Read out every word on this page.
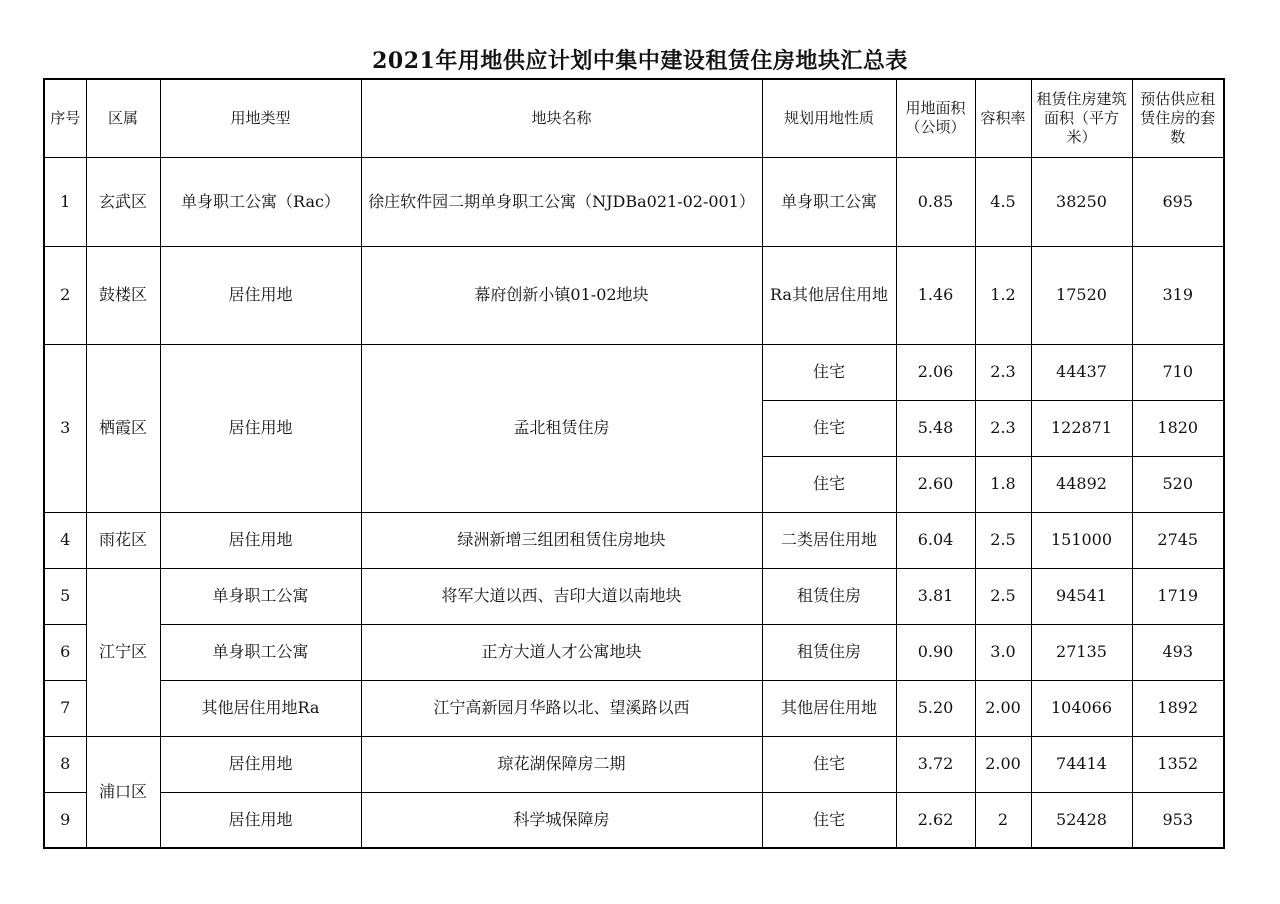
2021年用地供应计划中集中建设租赁住房地块汇总表
序号	区属	用地类型	地块名称	规划用地性质	用地面积（公顷）	容积率	租赁住房建筑面积（平方米）	预估供应租赁住房的套数
1	玄武区	单身职工公寓（Rac）	徐庄软件园二期单身职工公寓（NJDBa021-02-001）	单身职工公寓	0.85	4.5	38250	695
2	鼓楼区	居住用地	幕府创新小镇01-02地块	Ra其他居住用地	1.46	1.2	17520	319
3	栖霞区	居住用地	孟北租赁住房	住宅	2.06	2.3	44437	710
				住宅	5.48	2.3	122871	1820
				住宅	2.60	1.8	44892	520
4	雨花区	居住用地	绿洲新增三组团租赁住房地块	二类居住用地	6.04	2.5	151000	2745
5	江宁区	单身职工公寓	将军大道以西、吉印大道以南地块	租赁住房	3.81	2.5	94541	1719
6		单身职工公寓	正方大道人才公寓地块	租赁住房	0.90	3.0	27135	493
7		其他居住用地Ra	江宁高新园月华路以北、望溪路以西	其他居住用地	5.20	2.00	104066	1892
8	浦口区	居住用地	琼花湖保障房二期	住宅	3.72	2.00	74414	1352
9		居住用地	科学城保障房	住宅	2.62	2	52428	953
